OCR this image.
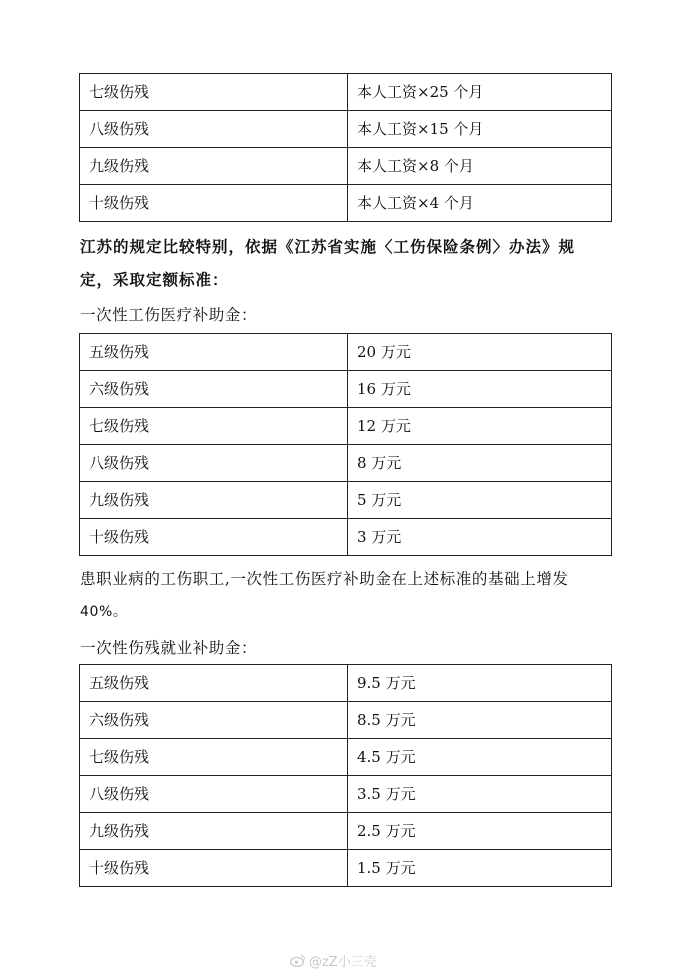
七级伤残	本人工资×25 个月
八级伤残	本人工资×15 个月
九级伤残	本人工资×8 个月
十级伤残	本人工资×4 个月
江苏的规定比较特别，依据《江苏省实施〈工伤保险条例〉办法》规
定，采取定额标准：
一次性工伤医疗补助金：
五级伤残	20 万元
六级伤残	16 万元
七级伤残	12 万元
八级伤残	8 万元
九级伤残	5 万元
十级伤残	3 万元
患职业病的工伤职工,一次性工伤医疗补助金在上述标准的基础上增发
40%。
一次性伤残就业补助金：
五级伤残	9.5 万元
六级伤残	8.5 万元
七级伤残	4.5 万元
八级伤残	3.5 万元
九级伤残	2.5 万元
十级伤残	1.5 万元
@zZ小三壳
